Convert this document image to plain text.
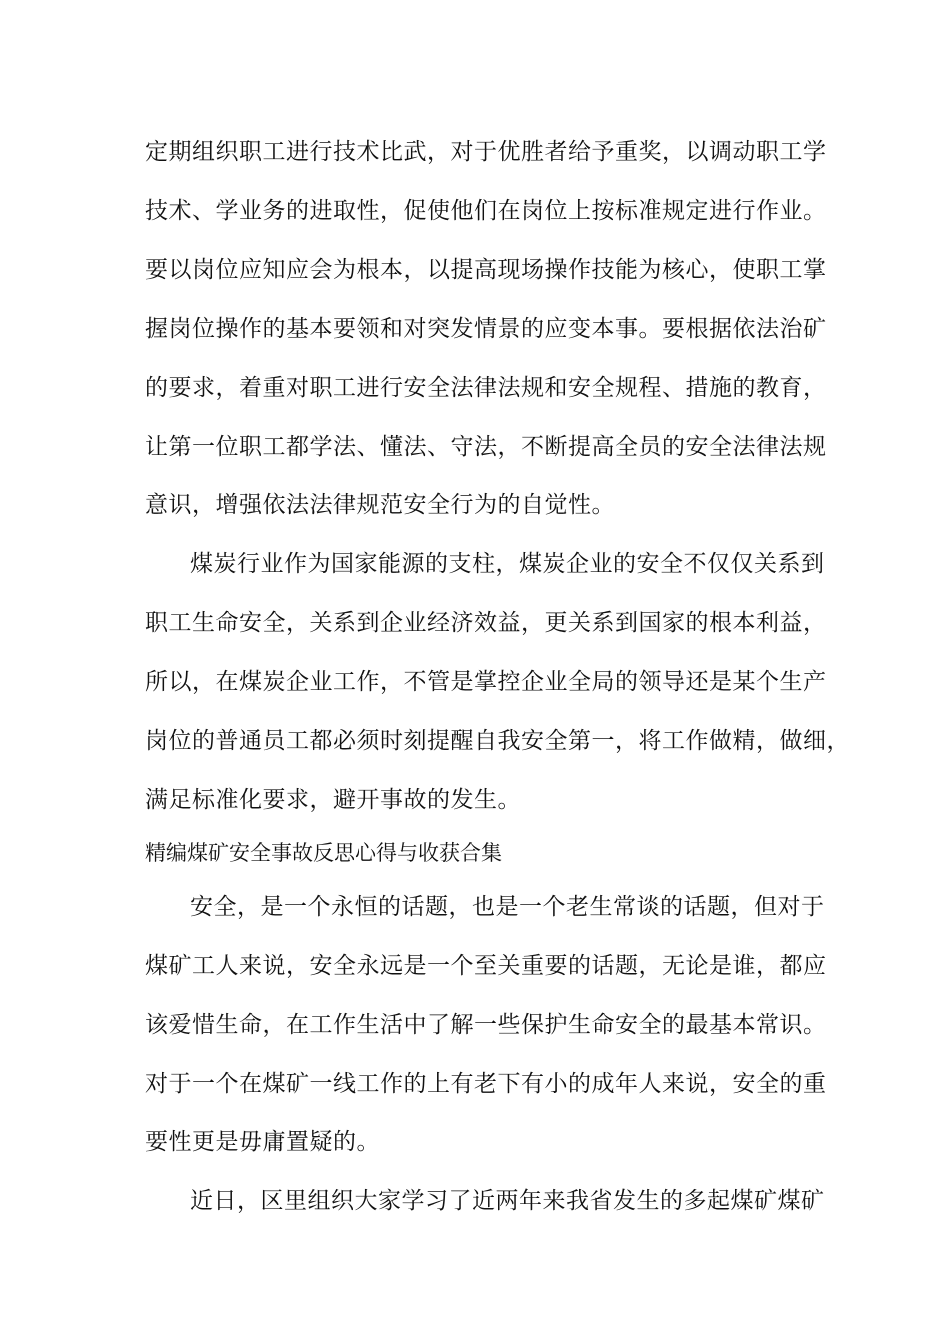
定期组织职工进行技术比武，对于优胜者给予重奖，以调动职工学
技术、学业务的进取性，促使他们在岗位上按标准规定进行作业。
要以岗位应知应会为根本，以提高现场操作技能为核心，使职工掌
握岗位操作的基本要领和对突发情景的应变本事。要根据依法治矿
的要求，着重对职工进行安全法律法规和安全规程、措施的教育，
让第一位职工都学法、懂法、守法，不断提高全员的安全法律法规
意识，增强依法法律规范安全行为的自觉性。
煤炭行业作为国家能源的支柱，煤炭企业的安全不仅仅关系到
职工生命安全，关系到企业经济效益，更关系到国家的根本利益，
所以，在煤炭企业工作，不管是掌控企业全局的领导还是某个生产
岗位的普通员工都必须时刻提醒自我安全第一，将工作做精，做细，
满足标准化要求，避开事故的发生。
精编煤矿安全事故反思心得与收获合集
安全，是一个永恒的话题，也是一个老生常谈的话题，但对于
煤矿工人来说，安全永远是一个至关重要的话题，无论是谁，都应
该爱惜生命，在工作生活中了解一些保护生命安全的最基本常识。
对于一个在煤矿一线工作的上有老下有小的成年人来说，安全的重
要性更是毋庸置疑的。
近日，区里组织大家学习了近两年来我省发生的多起煤矿煤矿
